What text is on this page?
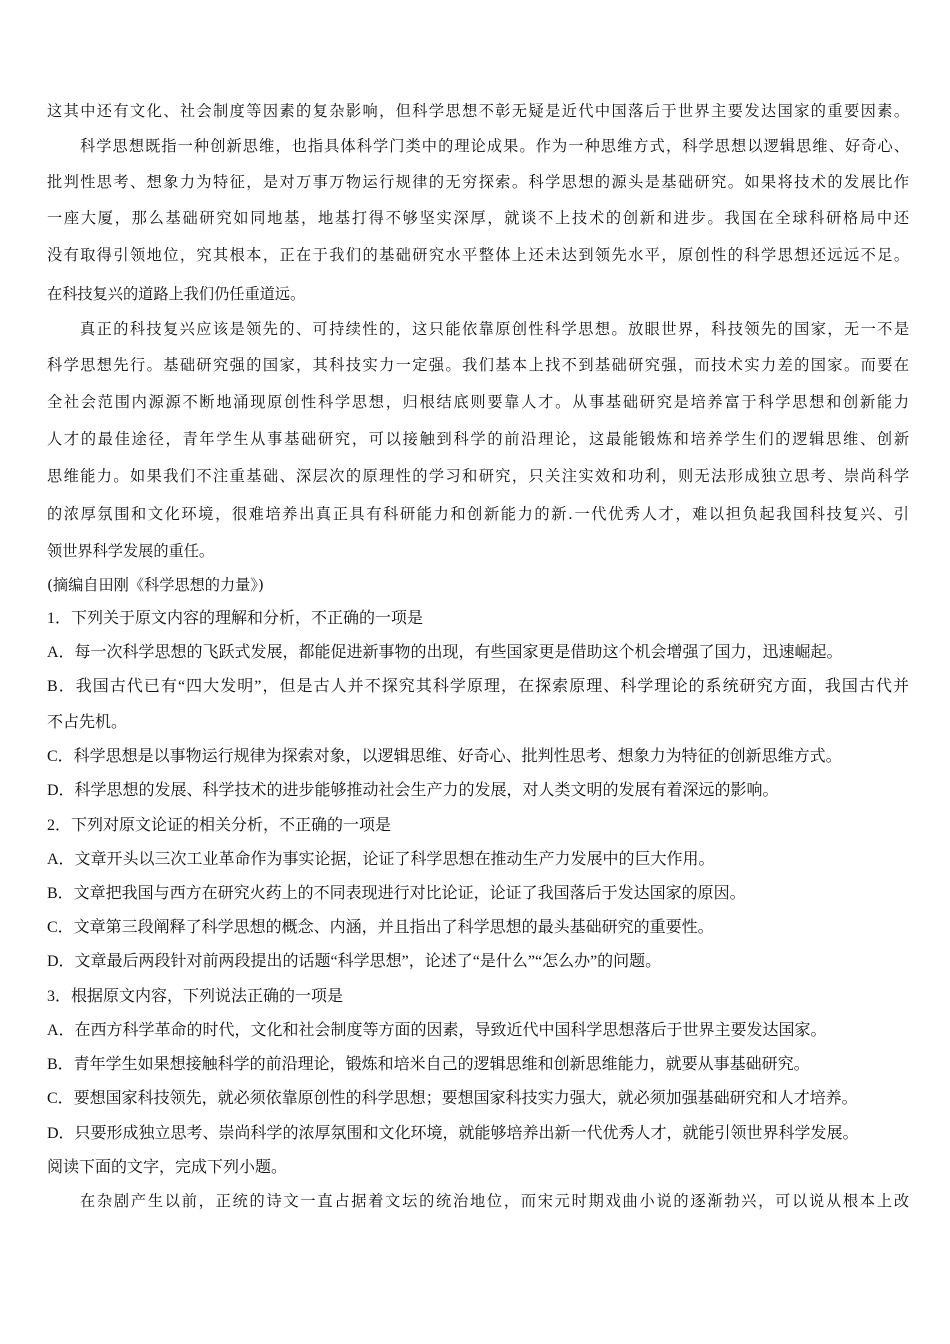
这其中还有文化、社会制度等因素的复杂影响，但科学思想不彰无疑是近代中国落后于世界主要发达国家的重要因素。
科学思想既指一种创新思维，也指具体科学门类中的理论成果。作为一种思维方式，科学思想以逻辑思维、好奇心、
批判性思考、想象力为特征，是对万事万物运行规律的无穷探索。科学思想的源头是基础研究。如果将技术的发展比作
一座大厦，那么基础研究如同地基，地基打得不够坚实深厚，就谈不上技术的创新和进步。我国在全球科研格局中还
没有取得引领地位，究其根本，正在于我们的基础研究水平整体上还未达到领先水平，原创性的科学思想还远远不足。
在科技复兴的道路上我们仍任重道远。
真正的科技复兴应该是领先的、可持续性的，这只能依靠原创性科学思想。放眼世界，科技领先的国家，无一不是
科学思想先行。基础研究强的国家，其科技实力一定强。我们基本上找不到基础研究强，而技术实力差的国家。而要在
全社会范围内源源不断地涌现原创性科学思想，归根结底则要靠人才。从事基础研究是培养富于科学思想和创新能力
人才的最佳途径，青年学生从事基础研究，可以接触到科学的前沿理论，这最能锻炼和培养学生们的逻辑思维、创新
思维能力。如果我们不注重基础、深层次的原理性的学习和研究，只关注实效和功利，则无法形成独立思考、崇尚科学
的浓厚氛围和文化环境，很难培养出真正具有科研能力和创新能力的新.一代优秀人才，难以担负起我国科技复兴、引
领世界科学发展的重任。
(摘编自田刚《科学思想的力量》)
1．下列关于原文内容的理解和分析，不正确的一项是
A．每一次科学思想的飞跃式发展，都能促进新事物的出现，有些国家更是借助这个机会增强了国力，迅速崛起。
B．我国古代已有“四大发明”，但是古人并不探究其科学原理，在探索原理、科学理论的系统研究方面，我国古代并
不占先机。
C．科学思想是以事物运行规律为探索对象，以逻辑思维、好奇心、批判性思考、想象力为特征的创新思维方式。
D．科学思想的发展、科学技术的进步能够推动社会生产力的发展，对人类文明的发展有着深远的影响。
2．下列对原文论证的相关分析，不正确的一项是
A．文章开头以三次工业革命作为事实论据，论证了科学思想在推动生产力发展中的巨大作用。
B．文章把我国与西方在研究火药上的不同表现进行对比论证，论证了我国落后于发达国家的原因。
C．文章第三段阐释了科学思想的概念、内涵，并且指出了科学思想的最头基础研究的重要性。
D．文章最后两段针对前两段提出的话题“科学思想”，论述了“是什么”“怎么办”的问题。
3．根据原文内容，下列说法正确的一项是
A．在西方科学革命的时代，文化和社会制度等方面的因素，导致近代中国科学思想落后于世界主要发达国家。
B．青年学生如果想接触科学的前沿理论，锻炼和培米自己的逻辑思维和创新思维能力，就要从事基础研究。
C．要想国家科技领先，就必须依靠原创性的科学思想；要想国家科技实力强大，就必须加强基础研究和人才培养。
D．只要形成独立思考、崇尚科学的浓厚氛围和文化环境，就能够培养出新一代优秀人才，就能引领世界科学发展。
阅读下面的文字，完成下列小题。
在杂剧产生以前，正统的诗文一直占据着文坛的统治地位，而宋元时期戏曲小说的逐渐勃兴，可以说从根本上改
